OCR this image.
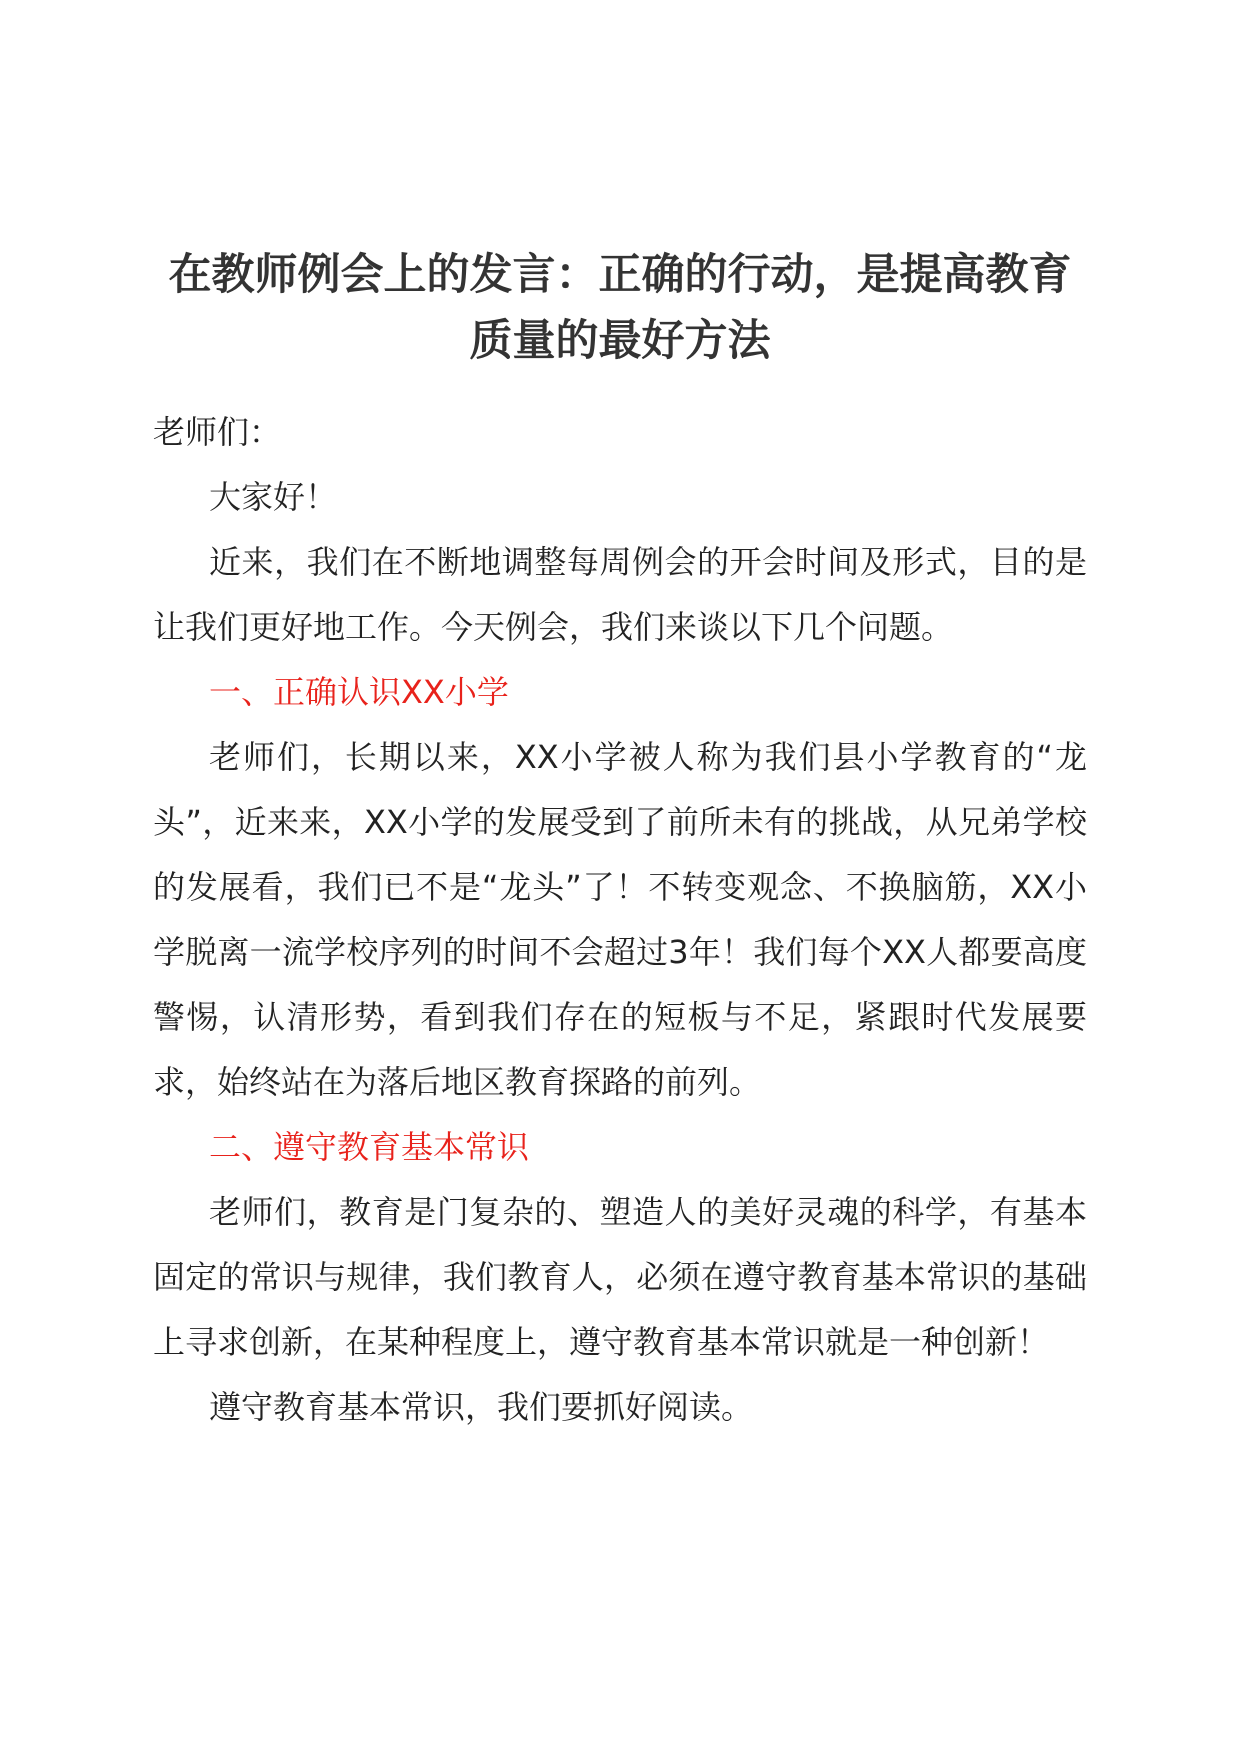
在教师例会上的发言：正确的行动，是提高教育质量的最好方法

老师们：

大家好！

近来，我们在不断地调整每周例会的开会时间及形式，目的是让我们更好地工作。今天例会，我们来谈以下几个问题。

一、正确认识XX小学

老师们，长期以来，XX小学被人称为我们县小学教育的“龙头”，近来来，XX小学的发展受到了前所未有的挑战，从兄弟学校的发展看，我们已不是“龙头”了！不转变观念、不换脑筋，XX小学脱离一流学校序列的时间不会超过3年！我们每个XX人都要高度警惕，认清形势，看到我们存在的短板与不足，紧跟时代发展要求，始终站在为落后地区教育探路的前列。

二、遵守教育基本常识

老师们，教育是门复杂的、塑造人的美好灵魂的科学，有基本固定的常识与规律，我们教育人，必须在遵守教育基本常识的基础上寻求创新，在某种程度上，遵守教育基本常识就是一种创新！

遵守教育基本常识，我们要抓好阅读。
